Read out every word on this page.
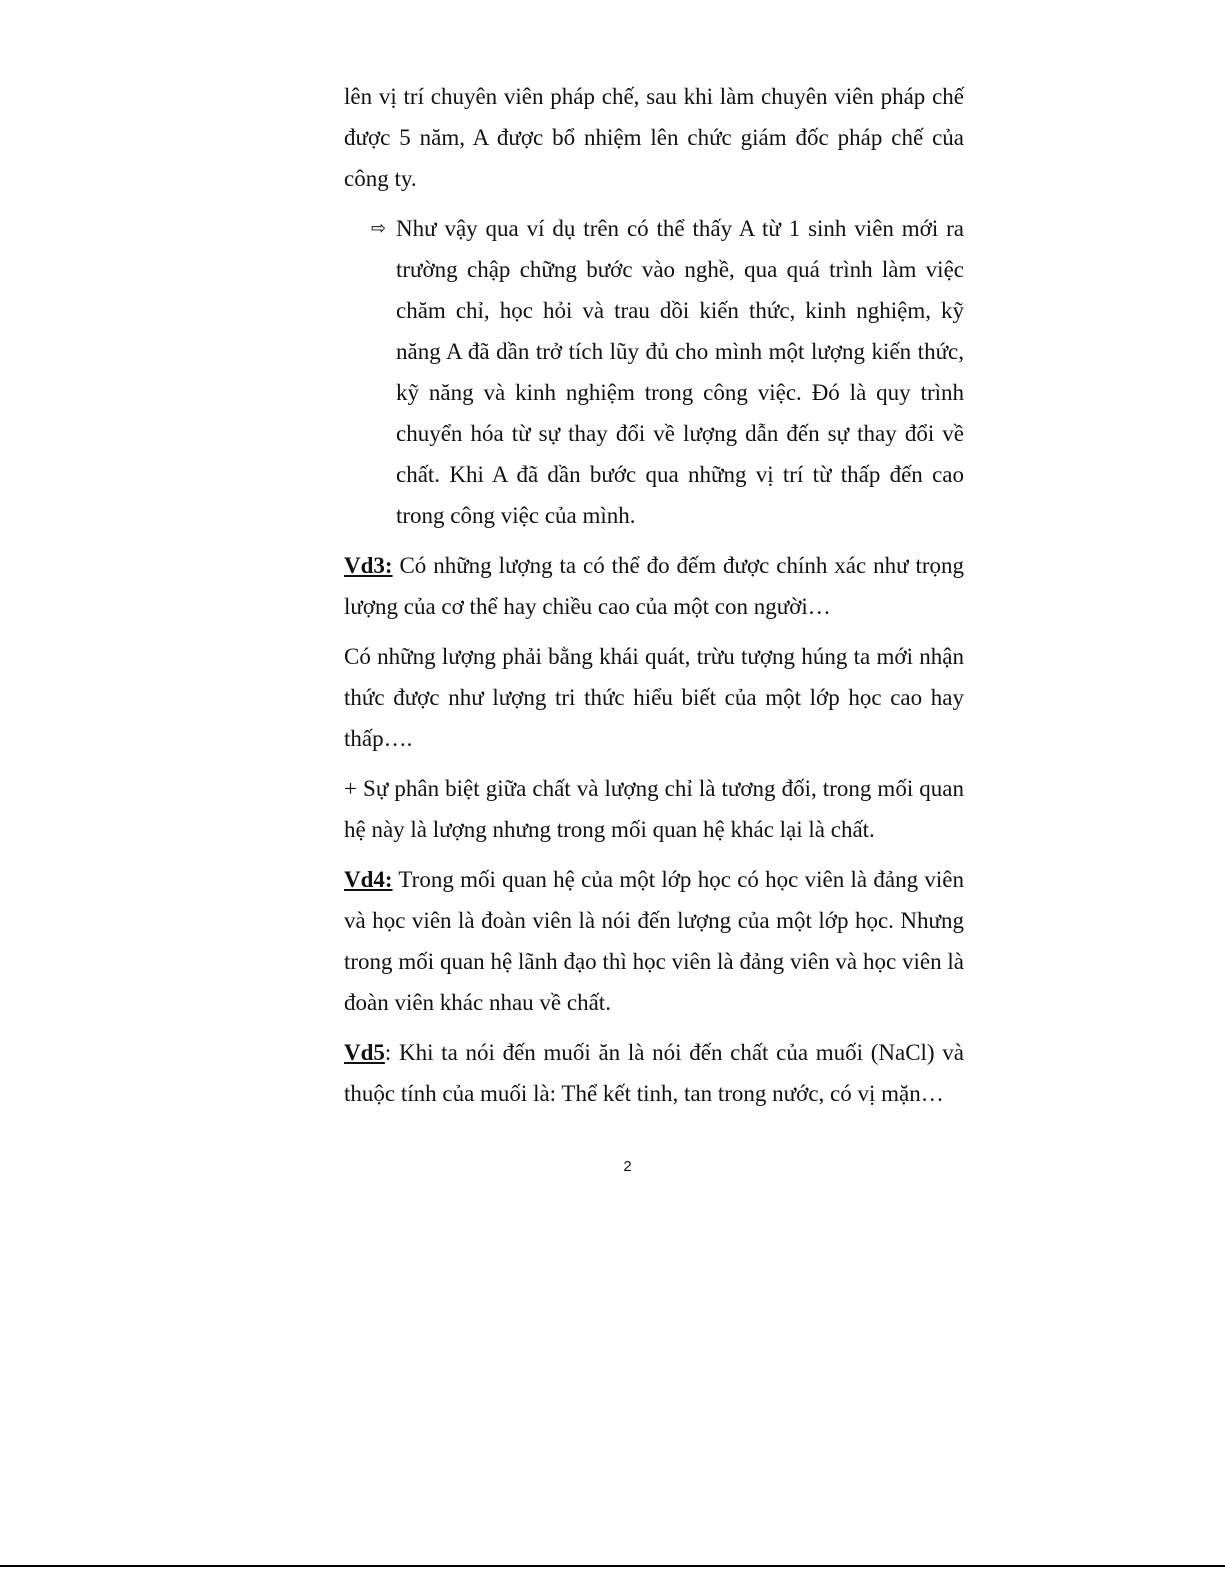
lên vị trí chuyên viên pháp chế, sau khi làm chuyên viên pháp chế được 5 năm, A được bổ nhiệm lên chức giám đốc pháp chế của công ty.

⇨ Như vậy qua ví dụ trên có thể thấy A từ 1 sinh viên mới ra trường chập chững bước vào nghề, qua quá trình làm việc chăm chỉ, học hỏi và trau dồi kiến thức, kinh nghiệm, kỹ năng A đã dần trở tích lũy đủ cho mình một lượng kiến thức, kỹ năng và kinh nghiệm trong công việc. Đó là quy trình chuyển hóa từ sự thay đổi về lượng dẫn đến sự thay đổi về chất. Khi A đã dần bước qua những vị trí từ thấp đến cao trong công việc của mình.

Vd3: Có những lượng ta có thể đo đếm được chính xác như trọng lượng của cơ thể hay chiều cao của một con người…

Có những lượng phải bằng khái quát, trừu tượng húng ta mới nhận thức được như lượng tri thức hiểu biết của một lớp học cao hay thấp….

+ Sự phân biệt giữa chất và lượng chỉ là tương đối, trong mối quan hệ này là lượng nhưng trong mối quan hệ khác lại là chất.

Vd4: Trong mối quan hệ của một lớp học có học viên là đảng viên và học viên là đoàn viên là nói đến lượng của một lớp học. Nhưng trong mối quan hệ lãnh đạo thì học viên là đảng viên và học viên là đoàn viên khác nhau về chất.

Vd5: Khi ta nói đến muối ăn là nói đến chất của muối (NaCl) và thuộc tính của muối là: Thể kết tinh, tan trong nước, có vị mặn…

2
